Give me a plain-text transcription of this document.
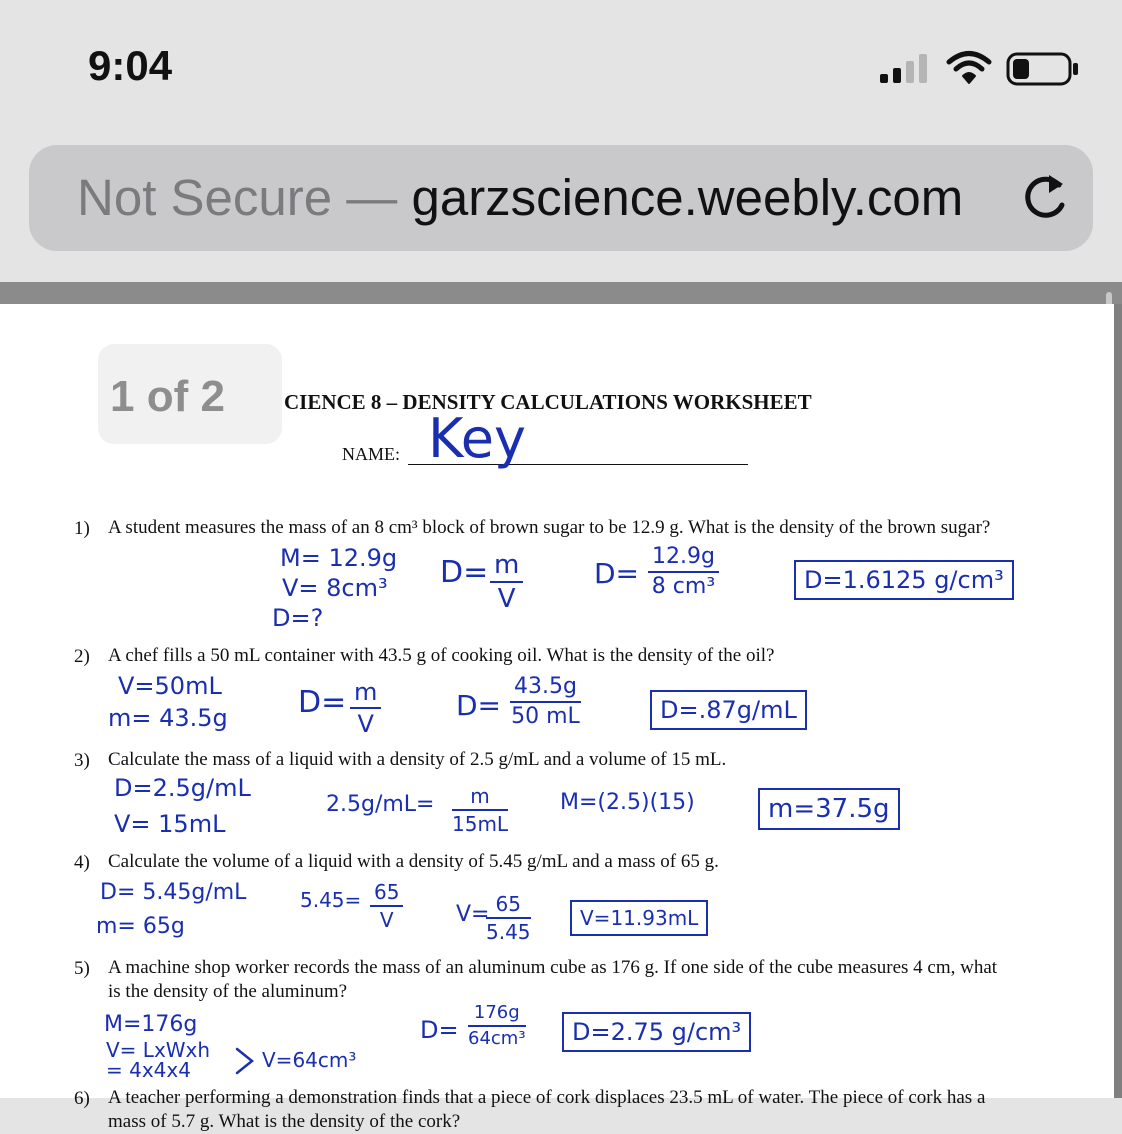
9:04
Not Secure — garzscience.weebly.com
1 of 2	CIENCE 8 – DENSITY CALCULATIONS WORKSHEET
NAME: Key
1) A student measures the mass of an 8 cm³ block of brown sugar to be 12.9 g. What is the density of the brown sugar?
M= 12.9g
V= 8cm³
D=?
$D= \frac{m}{V}$	$D= \frac{12.9g}{\text{8 cm³}}$	D=1.6125 g/cm³
2) A chef fills a 50 mL container with 43.5 g of cooking oil. What is the density of the oil?
V=50mL
m= 43.5g $D= \frac{m}{V}$	$D= \frac{43.5g}{50 mL}$	D=.87g/mL
3) Calculate the mass of a liquid with a density of 2.5 g/mL and a volume of 15 mL.
D=2.5g/mL
V= 15mL
$2.5g/mL= \frac{m}{15mL} M=(2.5)(15)$	m=37.5g
4) Calculate the volume of a liquid with a density of 5.45 g/mL and a mass of 65 g.
D= 5.45g/mL
m= 65g
$5.45= \frac{65}{V} V=$
$\frac{65}{5.45}$	V=11.93mL
5) A machine shop worker records the mass of an aluminum cube as 176 g. If one side of the cube measures 4 cm, what is the density of the aluminum?
M=176g
V= LxWxh
= 4x4x4	V=64cm³
$D= \frac{176g}{\text{64cm³}}$	D=2.75 g/cm³
6) A teacher performing a demonstration finds that a piece of cork displaces 23.5 mL of water. The piece of cork has a mass of 5.7 g. What is the density of the cork?
